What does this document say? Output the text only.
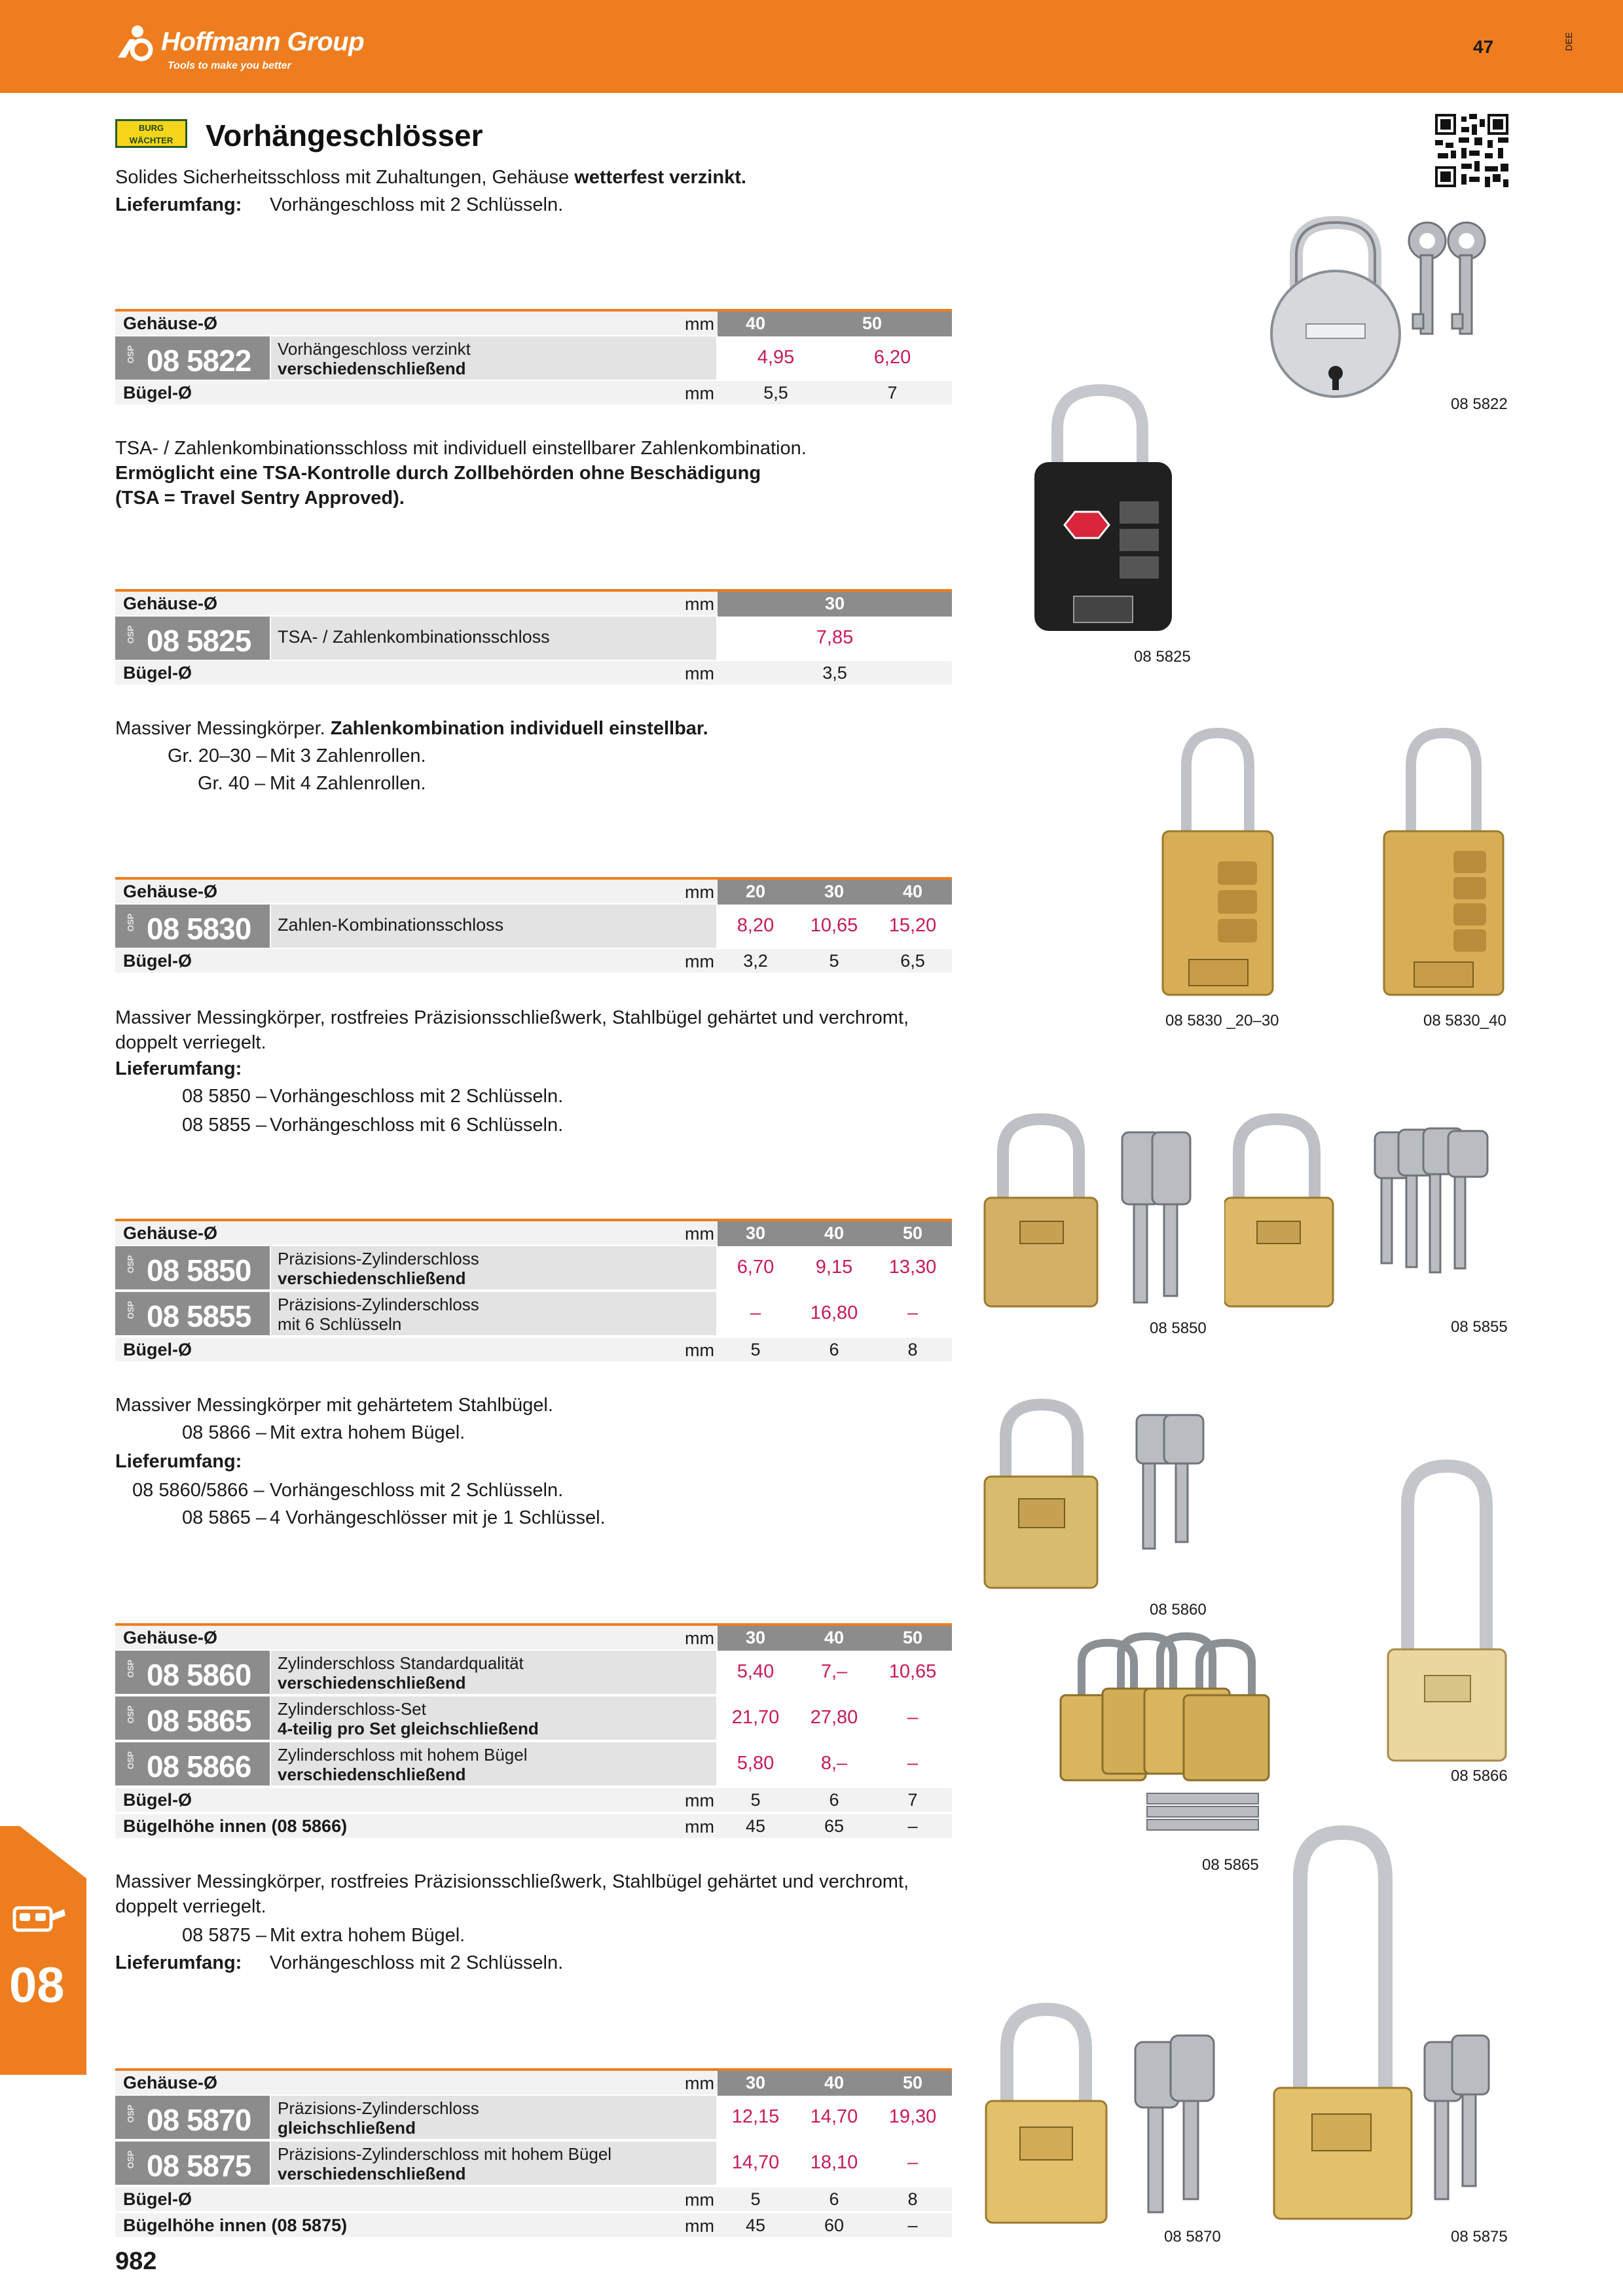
Hoffmann Group
Tools to make you better
47	DEE
08
BURG
WÄCHTER	Vorhängeschlösser
Solides Sicherheitsschloss mit Zuhaltungen, Gehäuse wetterfest verzinkt.
Lieferumfang: Vorhängeschloss mit 2 Schlüsseln.
Gehäuse-Ø	mm	40	50
OSP 08 5822 Vorhängeschloss verzinkt
verschiedenschließend
4,95	6,20
Bügel-Ø	mm	5,5	7
TSA- / Zahlenkombinationsschloss mit individuell einstellbarer Zahlenkombination.
Ermöglicht eine TSA-Kontrolle durch Zollbehörden ohne Beschädigung
(TSA = Travel Sentry Approved).
Gehäuse-Ø	mm	30
OSP 08 5825 TSA- / Zahlenkombinationsschloss	7,85
Bügel-Ø	mm	3,5
Massiver Messingkörper. Zahlenkombination individuell einstellbar.
Gr. 20–30 – Mit 3 Zahlenrollen.
Gr. 40 – Mit 4 Zahlenrollen.
Gehäuse-Ø	mm	20	30	40
OSP 08 5830 Zahlen-Kombinationsschloss	8,20	10,65	15,20
Bügel-Ø	mm	3,2	5	6,5
Massiver Messingkörper, rostfreies Präzisionsschließwerk, Stahlbügel gehärtet und verchromt,
doppelt verriegelt.
Lieferumfang:
08 5850 – Vorhängeschloss mit 2 Schlüsseln.
08 5855 – Vorhängeschloss mit 6 Schlüsseln.
Gehäuse-Ø	mm	30	40	50
OSP 08 5850 Präzisions-Zylinderschloss
verschiedenschließend
6,70	9,15	13,30
OSP 08 5855 Präzisions-Zylinderschloss
mit 6 Schlüsseln
–	16,80	–
Bügel-Ø	mm	5	6	8
Massiver Messingkörper mit gehärtetem Stahlbügel.
08 5866 – Mit extra hohem Bügel.
Lieferumfang:
08 5860/5866 – Vorhängeschloss mit 2 Schlüsseln.
08 5865 – 4 Vorhängeschlösser mit je 1 Schlüssel.
Gehäuse-Ø	mm	30	40	50
OSP 08 5860 Zylinderschloss Standardqualität
verschiedenschließend
5,40	7,–	10,65
OSP 08 5865 Zylinderschloss-Set
4-teilig pro Set gleichschließend
21,70	27,80	–
OSP 08 5866 Zylinderschloss mit hohem Bügel
verschiedenschließend
5,80	8,–	–
Bügel-Ø	mm	5	6	7
Bügelhöhe innen (08 5866)	mm	45	65	–
Massiver Messingkörper, rostfreies Präzisionsschließwerk, Stahlbügel gehärtet und verchromt,
doppelt verriegelt.
08 5875 – Mit extra hohem Bügel.
Lieferumfang: Vorhängeschloss mit 2 Schlüsseln.
Gehäuse-Ø	mm	30	40	50
OSP 08 5870 Präzisions-Zylinderschloss
gleichschließend
12,15	14,70	19,30
OSP 08 5875 Präzisions-Zylinderschloss mit hohem Bügel
verschiedenschließend
14,70	18,10	–
Bügel-Ø	mm	5	6	8
Bügelhöhe innen (08 5875)	mm	45	60	–
08 5822
08 5825
08 5830 _20–30	08 5830_40
08 5850	08 5855
08 5860
08 5866
08 5865
08 5870	08 5875
982
